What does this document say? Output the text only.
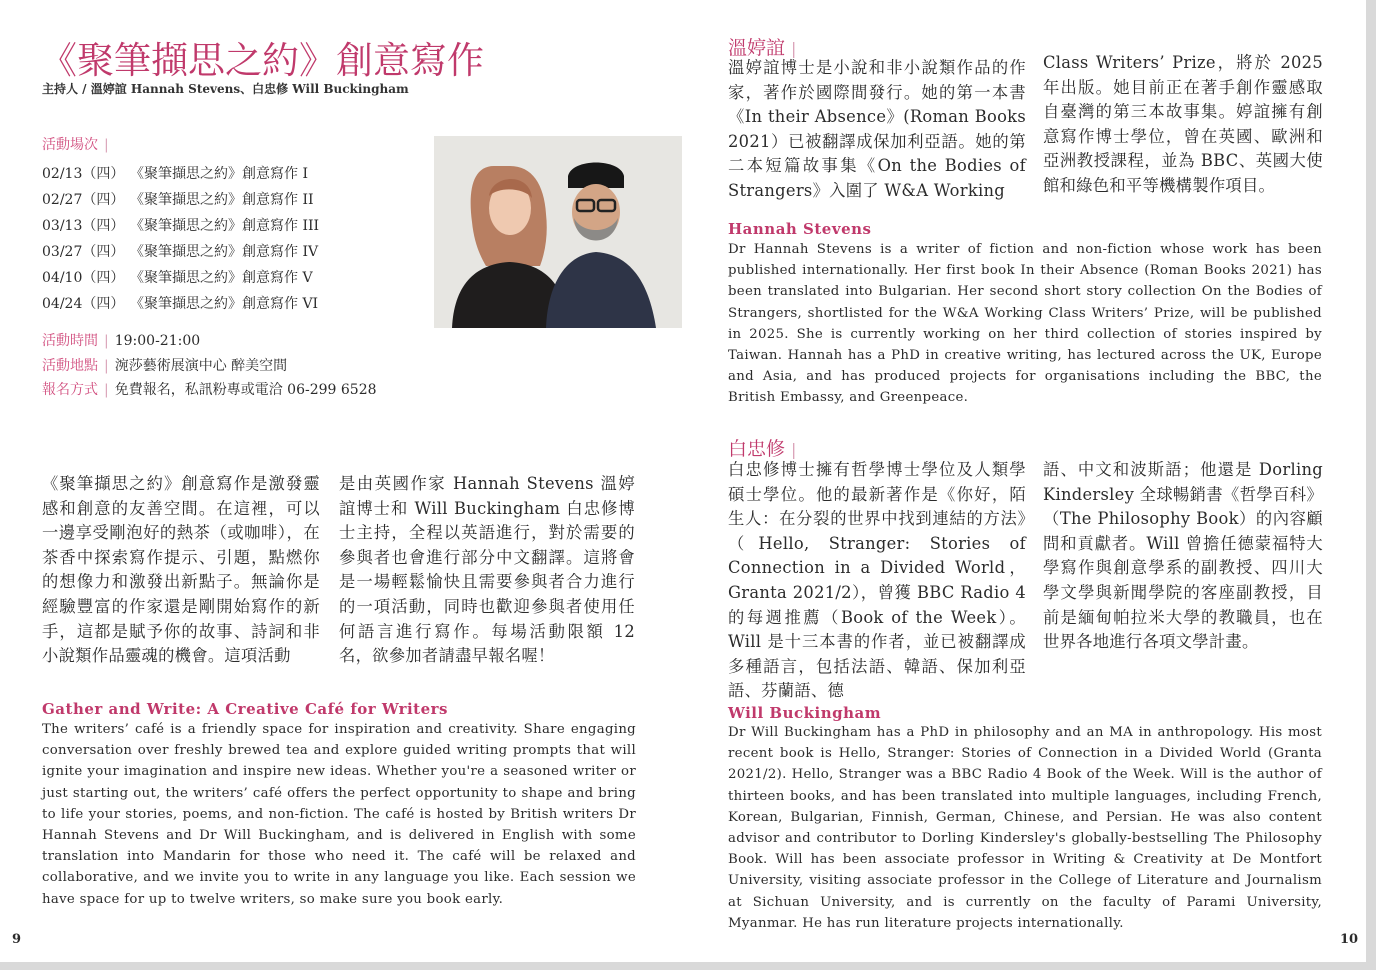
《聚筆擷思之約》創意寫作
主持人 / 溫婷誼 Hannah Stevens、白忠修 Will Buckingham
活動場次 |
02/13（四） 《聚筆擷思之約》創意寫作 I
02/27（四） 《聚筆擷思之約》創意寫作 II
03/13（四） 《聚筆擷思之約》創意寫作 III
03/27（四） 《聚筆擷思之約》創意寫作 IV
04/10（四） 《聚筆擷思之約》創意寫作 V
04/24（四） 《聚筆擷思之約》創意寫作 VI
活動時間 | 19:00-21:00
活動地點 | 涴莎藝術展演中心 醉美空間
報名方式 | 免費報名，私訊粉專或電洽 06-299 6528
《聚筆擷思之約》創意寫作是激發靈感和創意的友善空間。在這裡，可以一邊享受剛泡好的熱茶（或咖啡），在茶香中探索寫作提示、引題，點燃你的想像力和激發出新點子。無論你是經驗豐富的作家還是剛開始寫作的新手，這都是賦予你的故事、詩詞和非小說類作品靈魂的機會。這項活動
是由英國作家 Hannah Stevens 溫婷誼博士和 Will Buckingham 白忠修博士主持，全程以英語進行，對於需要的參與者也會進行部分中文翻譯。這將會是一場輕鬆愉快且需要參與者合力進行的一項活動，同時也歡迎參與者使用任何語言進行寫作。每場活動限額 12 名，欲參加者請盡早報名喔！
Gather and Write: A Creative Café for Writers
The writers’ café is a friendly space for inspiration and creativity. Share engaging conversation over freshly brewed tea and explore guided writing prompts that will ignite your imagination and inspire new ideas. Whether you're a seasoned writer or just starting out, the writers’ café offers the perfect opportunity to shape and bring to life your stories, poems, and non-fiction. The café is hosted by British writers Dr Hannah Stevens and Dr Will Buckingham, and is delivered in English with some translation into Mandarin for those who need it. The café will be relaxed and collaborative, and we invite you to write in any language you like. Each session we have space for up to twelve writers, so make sure you book early.
9
溫婷誼 |
溫婷誼博士是小說和非小說類作品的作家，著作於國際間發行。她的第一本書《In their Absence》(Roman Books 2021）已被翻譯成保加利亞語。她的第二本短篇故事集《On the Bodies of Strangers》入圍了 W&A Working
Class Writers’ Prize，將於 2025 年出版。她目前正在著手創作靈感取自臺灣的第三本故事集。婷誼擁有創意寫作博士學位，曾在英國、歐洲和亞洲教授課程，並為 BBC、英國大使館和綠色和平等機構製作項目。
Hannah Stevens
Dr Hannah Stevens is a writer of fiction and non-fiction whose work has been published internationally. Her first book In their Absence (Roman Books 2021) has been translated into Bulgarian. Her second short story collection On the Bodies of Strangers, shortlisted for the W&A Working Class Writers’ Prize, will be published in 2025. She is currently working on her third collection of stories inspired by Taiwan. Hannah has a PhD in creative writing, has lectured across the UK, Europe and Asia, and has produced projects for organisations including the BBC, the British Embassy, and Greenpeace.
白忠修 |
白忠修博士擁有哲學博士學位及人類學碩士學位。他的最新著作是《你好，陌生人：在分裂的世界中找到連結的方法》（Hello, Stranger: Stories of Connection in a Divided World，Granta 2021/2），曾獲 BBC Radio 4 的每週推薦（Book of the Week）。Will 是十三本書的作者，並已被翻譯成多種語言，包括法語、韓語、保加利亞語、芬蘭語、德
語、中文和波斯語；他還是 Dorling Kindersley 全球暢銷書《哲學百科》（The Philosophy Book）的內容顧問和貢獻者。Will 曾擔任德蒙福特大學寫作與創意學系的副教授、四川大學文學與新聞學院的客座副教授，目前是緬甸帕拉米大學的教職員，也在世界各地進行各項文學計畫。
Will Buckingham
Dr Will Buckingham has a PhD in philosophy and an MA in anthropology. His most recent book is Hello, Stranger: Stories of Connection in a Divided World (Granta 2021/2). Hello, Stranger was a BBC Radio 4 Book of the Week. Will is the author of thirteen books, and has been translated into multiple languages, including French, Korean, Bulgarian, Finnish, German, Chinese, and Persian. He was also content advisor and contributor to Dorling Kindersley's globally-bestselling The Philosophy Book. Will has been associate professor in Writing & Creativity at De Montfort University, visiting associate professor in the College of Literature and Journalism at Sichuan University, and is currently on the faculty of Parami University, Myanmar. He has run literature projects internationally.
10
